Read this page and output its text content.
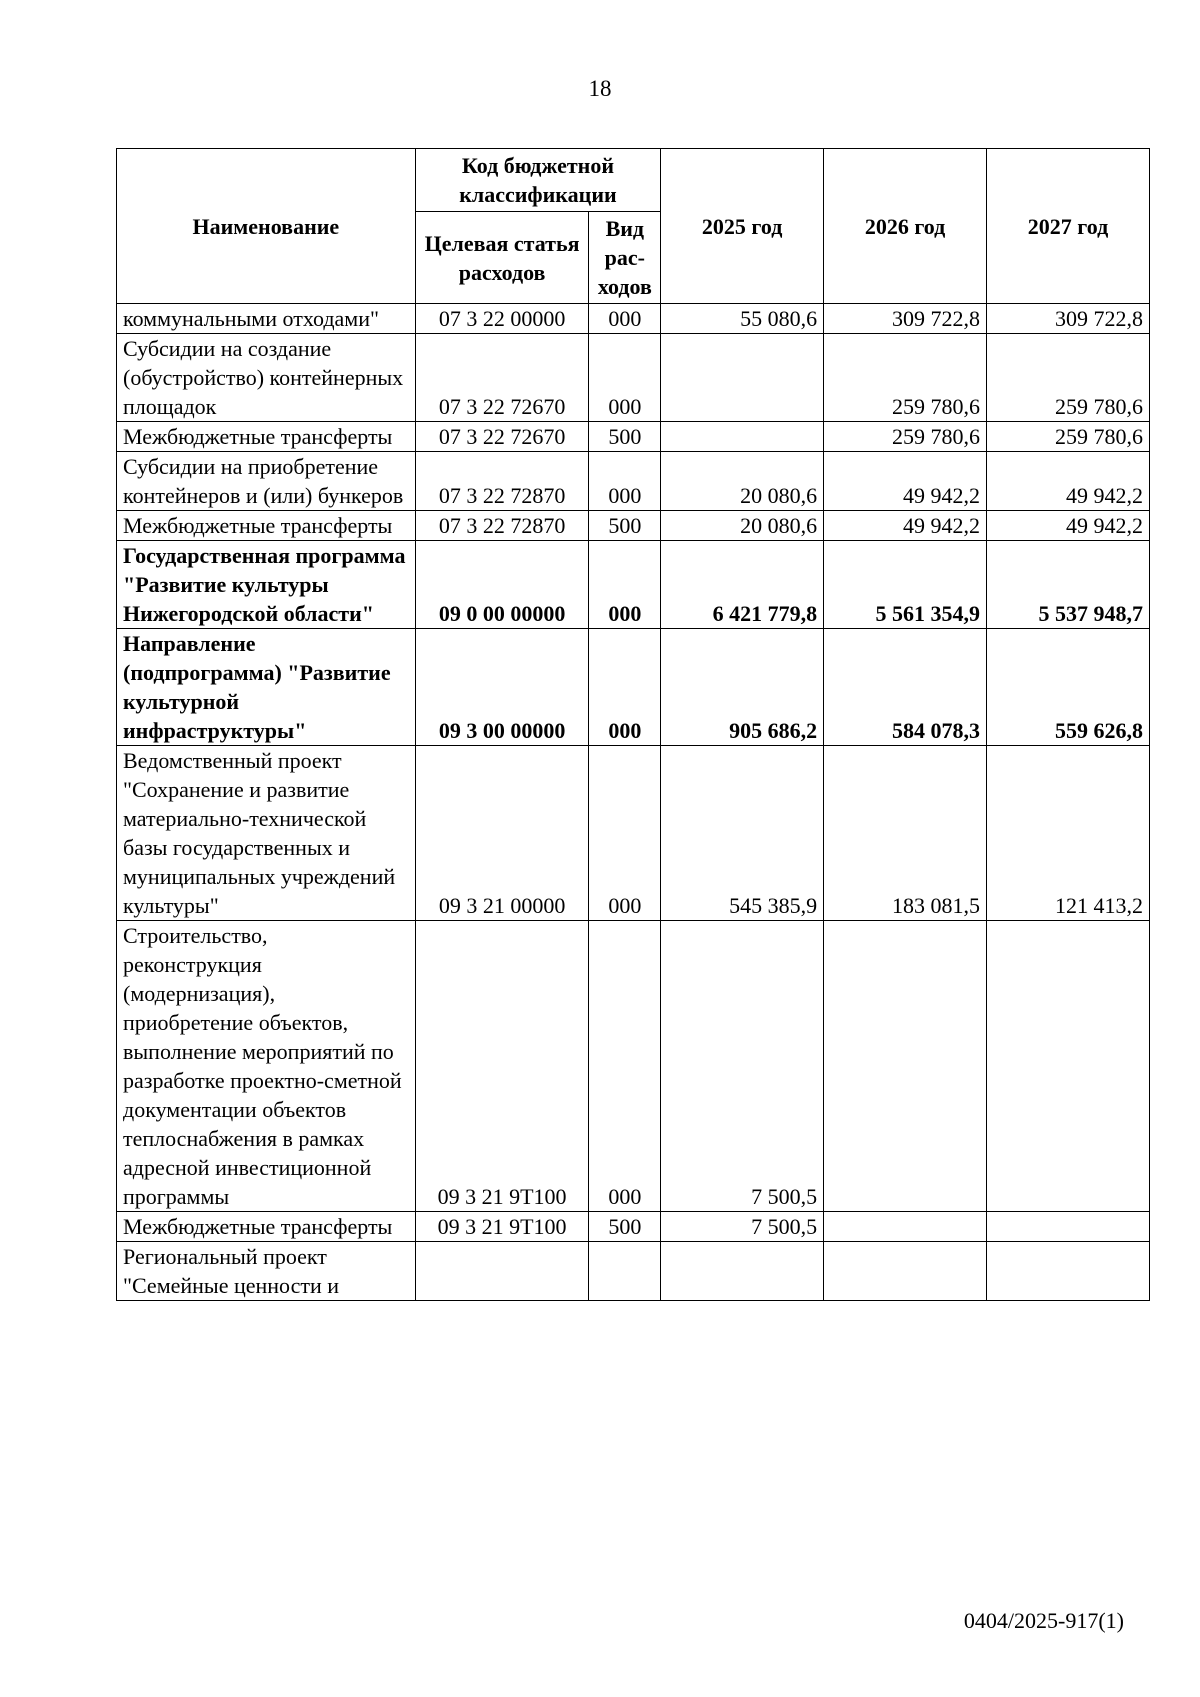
18
Наименование	Код бюджетной классификации		2025 год	2026 год	2027 год
	Целевая статья расходов	Вид рас-ходов			
коммунальными отходами"	07 3 22 00000	000	55 080,6	309 722,8	309 722,8
Субсидии на создание (обустройство) контейнерных площадок	07 3 22 72670	000		259 780,6	259 780,6
Межбюджетные трансферты	07 3 22 72670	500		259 780,6	259 780,6
Субсидии на приобретение контейнеров и (или) бункеров	07 3 22 72870	000	20 080,6	49 942,2	49 942,2
Межбюджетные трансферты	07 3 22 72870	500	20 080,6	49 942,2	49 942,2
Государственная программа "Развитие культуры Нижегородской области"	09 0 00 00000	000	6 421 779,8	5 561 354,9	5 537 948,7
Направление (подпрограмма) "Развитие культурной инфраструктуры"	09 3 00 00000	000	905 686,2	584 078,3	559 626,8
Ведомственный проект "Сохранение и развитие материально-технической базы государственных и муниципальных учреждений культуры"	09 3 21 00000	000	545 385,9	183 081,5	121 413,2
Строительство, реконструкция (модернизация), приобретение объектов, выполнение мероприятий по разработке проектно-сметной документации объектов теплоснабжения в рамках адресной инвестиционной программы	09 3 21 9Т100	000	7 500,5		
Межбюджетные трансферты	09 3 21 9Т100	500	7 500,5		
Региональный проект "Семейные ценности и					
0404/2025-917(1)
